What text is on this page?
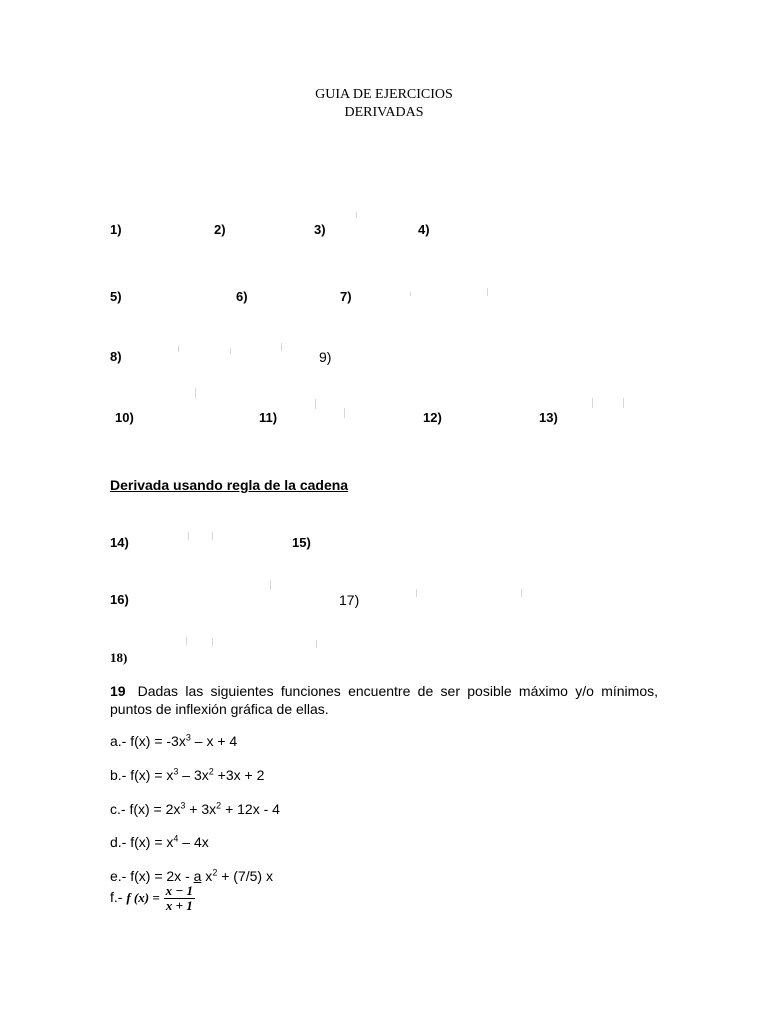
GUIA DE EJERCICIOS
DERIVADAS
1)	2)	3)	4)
5)	6)	7)
8)	9)
10)	11)	12)	13)
Derivada usando regla de la cadena
14)	15)
16)	17)
18)
19 Dadas las siguientes funciones encuentre de ser posible máximo y/o mínimos, puntos de inflexión gráfica de ellas.
a.- $f(x) = -3x^3 - x + 4$
b.- $f(x) = x^3 - 3x^2 +3x + 2$
c.- $f(x) = 2x^3 + 3x^2 + 12x - 4$
d.- $f(x) = x^4 - 4x$
e.- f(x) = 2x - a $x^2 + (7/5)$ x
f.- f $(x) = \frac{x - 1}{x + 1}$
